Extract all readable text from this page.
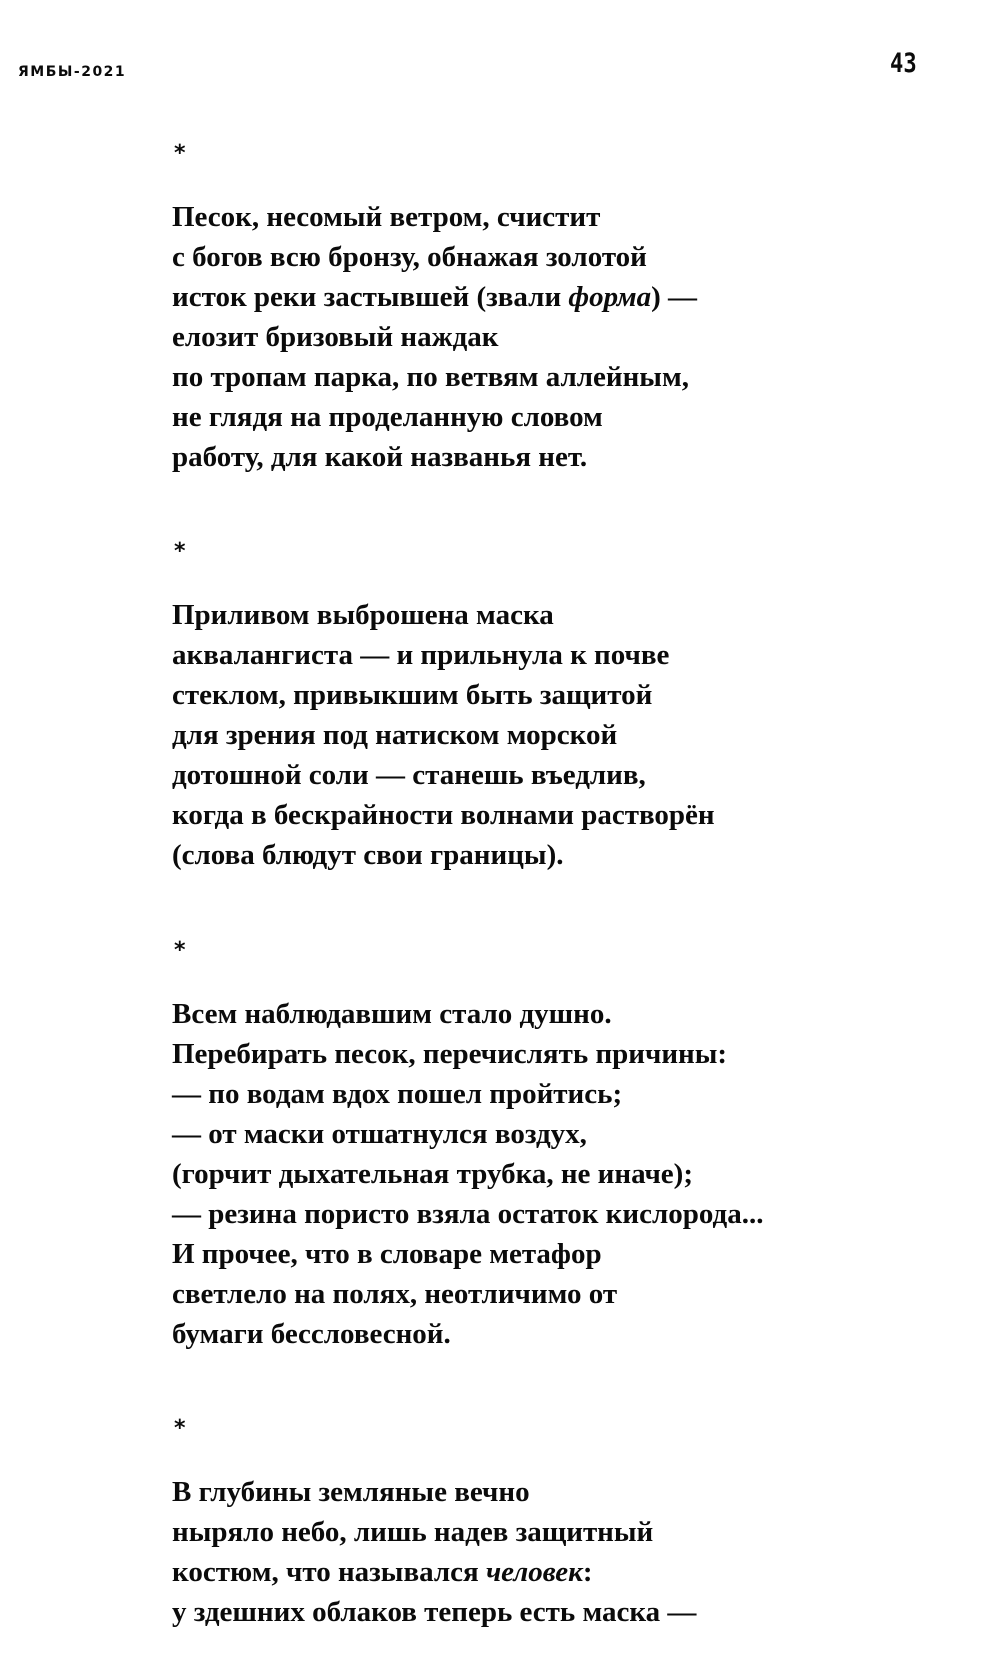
ЯМБЫ-2021	43
*
Песок, несомый ветром, счистит
с богов всю бронзу, обнажая золотой
исток реки застывшей (звали форма) —
елозит бризовый наждак
по тропам парка, по ветвям аллейным,
не глядя на проделанную словом
работу, для какой названья нет.
*
Приливом выброшена маска
аквалангиста — и прильнула к почве
стеклом, привыкшим быть защитой
для зрения под натиском морской
дотошной соли — станешь въедлив,
когда в бескрайности волнами растворён
(слова блюдут свои границы).
*
Всем наблюдавшим стало душно.
Перебирать песок, перечислять причины:
— по водам вдох пошел пройтись;
— от маски отшатнулся воздух,
(горчит дыхательная трубка, не иначе);
— резина пористо взяла остаток кислорода...
И прочее, что в словаре метафор
светлело на полях, неотличимо от
бумаги бессловесной.
*
В глубины земляные вечно
ныряло небо, лишь надев защитный
костюм, что назывался человек:
у здешних облаков теперь есть маска —
